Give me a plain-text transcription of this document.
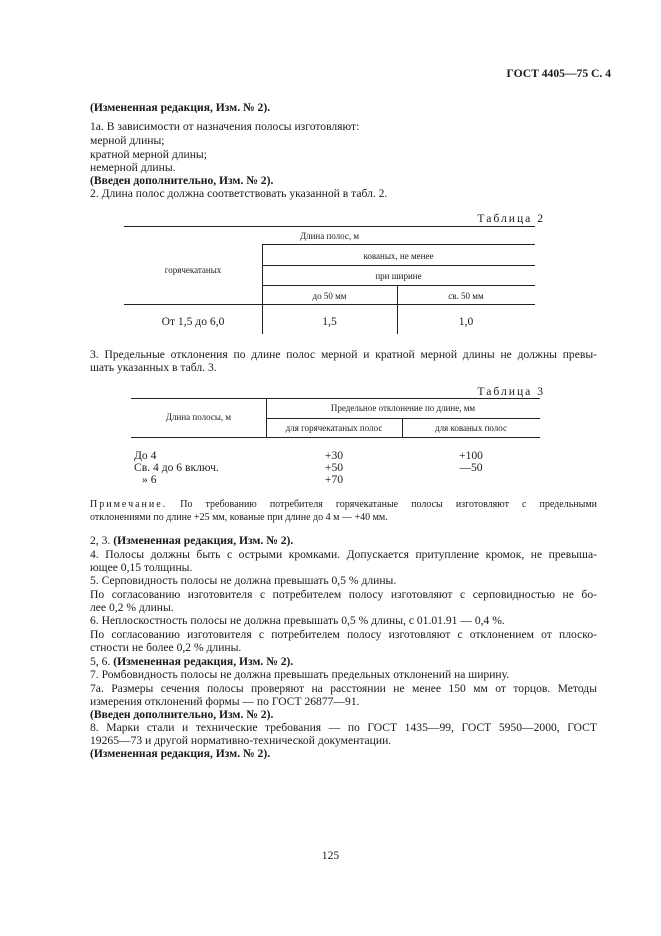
ГОСТ 4405—75 С. 4
(Измененная редакция, Изм. № 2).
1а. В зависимости от назначения полосы изготовляют:
мерной длины;
кратной мерной длины;
немерной длины.
(Введен дополнительно, Изм. № 2).
2. Длина полос должна соответствовать указанной в табл. 2.
Таблица 2
Длина полос, м
горячекатаных
кованых, не менее
при ширине
до 50 мм	св. 50 мм
От 1,5 до 6,0	1,5	1,0
3. Предельные отклонения по длине полос мерной и кратной мерной длины не должны превы-
шать указанных в табл. 3.
Таблица 3
Длина полосы, м
Предельное отклонение по длине, мм
для горячекатаных полос	для кованых полос
До 4	+30	+100
Св. 4 до 6 включ.	+50	—50
» 6	+70
Примечание. По требованию потребителя горячекатаные полосы изготовляют с предельными
отклонениями по длине +25 мм, кованые при длине до 4 м — +40 мм.
2, 3. (Измененная редакция, Изм. № 2).
4. Полосы должны быть с острыми кромками. Допускается притупление кромок, не превыша-
ющее 0,15 толщины.
5. Серповидность полосы не должна превышать 0,5 % длины.
По согласованию изготовителя с потребителем полосу изготовляют с серповидностью не бо-
лее 0,2 % длины.
6. Неплоскостность полосы не должна превышать 0,5 % длины, с 01.01.91 — 0,4 %.
По согласованию изготовителя с потребителем полосу изготовляют с отклонением от плоско-
стности не более 0,2 % длины.
5, 6. (Измененная редакция, Изм. № 2).
7. Ромбовидность полосы не должна превышать предельных отклонений на ширину.
7а. Размеры сечения полосы проверяют на расстоянии не менее 150 мм от торцов. Методы
измерения отклонений формы — по ГОСТ 26877—91.
(Введен дополнительно, Изм. № 2).
8. Марки стали и технические требования — по ГОСТ 1435—99, ГОСТ 5950—2000, ГОСТ
19265—73 и другой нормативно-технической документации.
(Измененная редакция, Изм. № 2).
125
